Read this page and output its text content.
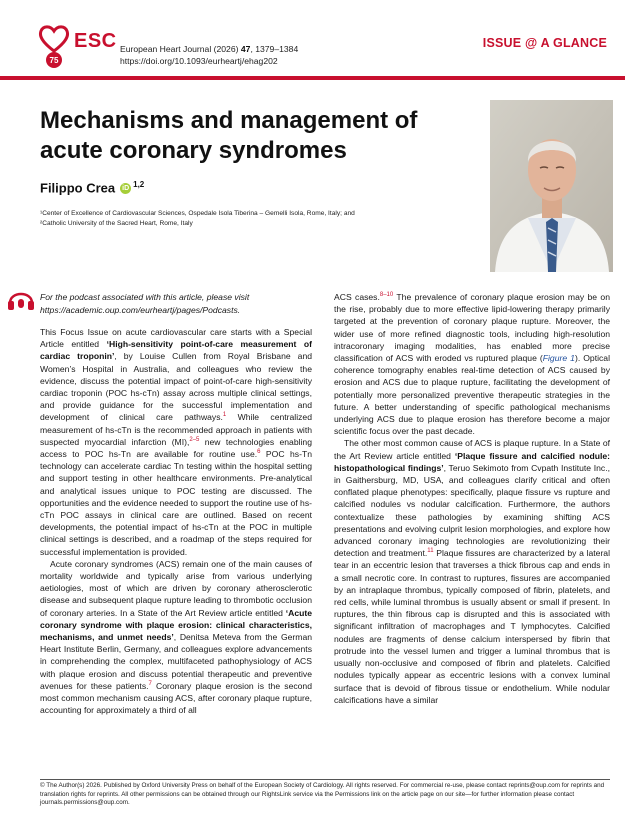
75
ESC European Heart Journal (2026) 47, 1379–1384
https://doi.org/10.1093/eurheartj/ehag202
ISSUE @ A GLANCE
Mechanisms and management of acute coronary syndromes
Filippo Crea iD $^{1,2}$
¹Center of Excellence of Cardiovascular Sciences, Ospedale Isola Tiberina – Gemelli Isola, Rome, Italy; and
²Catholic University of the Sacred Heart, Rome, Italy
For the podcast associated with this article, please visit https://academic.oup.com/eurheartj/pages/Podcasts.

This Focus Issue on acute cardiovascular care starts with a Special Article entitled ‘High-sensitivity point-of-care measurement of cardiac troponin’, by Louise Cullen from Royal Brisbane and Women’s Hospital in Australia, and colleagues who review the evidence, discuss the potential impact of point-of-care high-sensitivity cardiac troponin (POC hs-cTn) assay across multiple clinical settings, and provide guidance for the successful implementation and development of clinical care pathways.$^1$ While centralized measurement of hs-cTn is the recommended approach in patients with suspected myocardial infarction (MI),$^{2-5}$ new technologies enabling access to POC hs-Tn are available for routine use.$^6$ POC hs-Tn technology can accelerate cardiac Tn testing within the hospital setting and support testing in other healthcare environments. Pre-analytical and analytical issues unique to POC testing are discussed. The opportunities and the evidence needed to support the routine use of hs-cTn POC assays in clinical care are outlined. Based on recent developments, the potential impact of hs-cTn at the POC in multiple clinical settings is described, and a roadmap of the steps required for successful implementation is provided.

Acute coronary syndromes (ACS) remain one of the main causes of mortality worldwide and typically arise from various underlying aetiologies, most of which are driven by coronary atherosclerotic disease and subsequent plaque rupture leading to thrombotic occlusion of coronary arteries. In a State of the Art Review article entitled ‘Acute coronary syndrome with plaque erosion: clinical characteristics, mechanisms, and unmet needs’, Denitsa Meteva from the German Heart Institute Berlin, Germany, and colleagues explore advancements in comprehending the complex, multifaceted pathophysiology of ACS with plaque erosion and discuss potential therapeutic and preventive avenues for these patients.$^7$ Coronary plaque erosion is the second most common mechanism causing ACS, after coronary plaque rupture, accounting for approximately a third of all

ACS cases.$^{8-10}$ The prevalence of coronary plaque erosion may be on the rise, probably due to more effective lipid-lowering therapy primarily targeted at the prevention of coronary plaque rupture. Moreover, the wider use of more refined diagnostic tools, including high-resolution intracoronary imaging modalities, has enabled more precise classification of ACS with eroded vs ruptured plaque (Figure 1). Optical coherence tomography enables real-time detection of ACS caused by erosion and ACS due to plaque rupture, facilitating the development of potentially more personalized preventive therapeutic strategies in the future. A better understanding of specific pathological mechanisms underlying ACS due to plaque erosion has therefore become a major scientific focus over the past decade.

The other most common cause of ACS is plaque rupture. In a State of the Art Review article entitled ‘Plaque fissure and calcified nodule: histopathological findings’, Teruo Sekimoto from Cvpath Institute Inc., in Gaithersburg, MD, USA, and colleagues clarify critical and often conflated plaque phenotypes: specifically, plaque fissure vs rupture and calcified nodules vs nodular calcification. Furthermore, the authors contextualize these pathologies by examining shifting ACS presentations and evolving culprit lesion morphologies, and explore how advanced coronary imaging technologies are revolutionizing their detection and treatment.$^{11}$ Plaque fissures are characterized by a lateral tear in an eccentric lesion that traverses a thick fibrous cap and ends in a small necrotic core. In contrast to ruptures, fissures are accompanied by an intraplaque thrombus, typically composed of fibrin, platelets, and red cells, while luminal thrombus is usually absent or small if present. In ruptures, the thin fibrous cap is disrupted and this is associated with significant infiltration of macrophages and T lymphocytes. Calcified nodules are fragments of dense calcium interspersed by fibrin that protrude into the vessel lumen and trigger a luminal thrombus that is usually non-occlusive and composed of fibrin and platelets. Calcified nodules typically appear as eccentric lesions with a convex luminal surface that is devoid of fibrous tissue or endothelium. While nodular calcifications have a similar

© The Author(s) 2026. Published by Oxford University Press on behalf of the European Society of Cardiology. All rights reserved. For commercial re-use, please contact reprints@oup.com for reprints and translation rights for reprints. All other permissions can be obtained through our RightsLink service via the Permissions link on the article page on our site—for further information please contact journals.permissions@oup.com.
